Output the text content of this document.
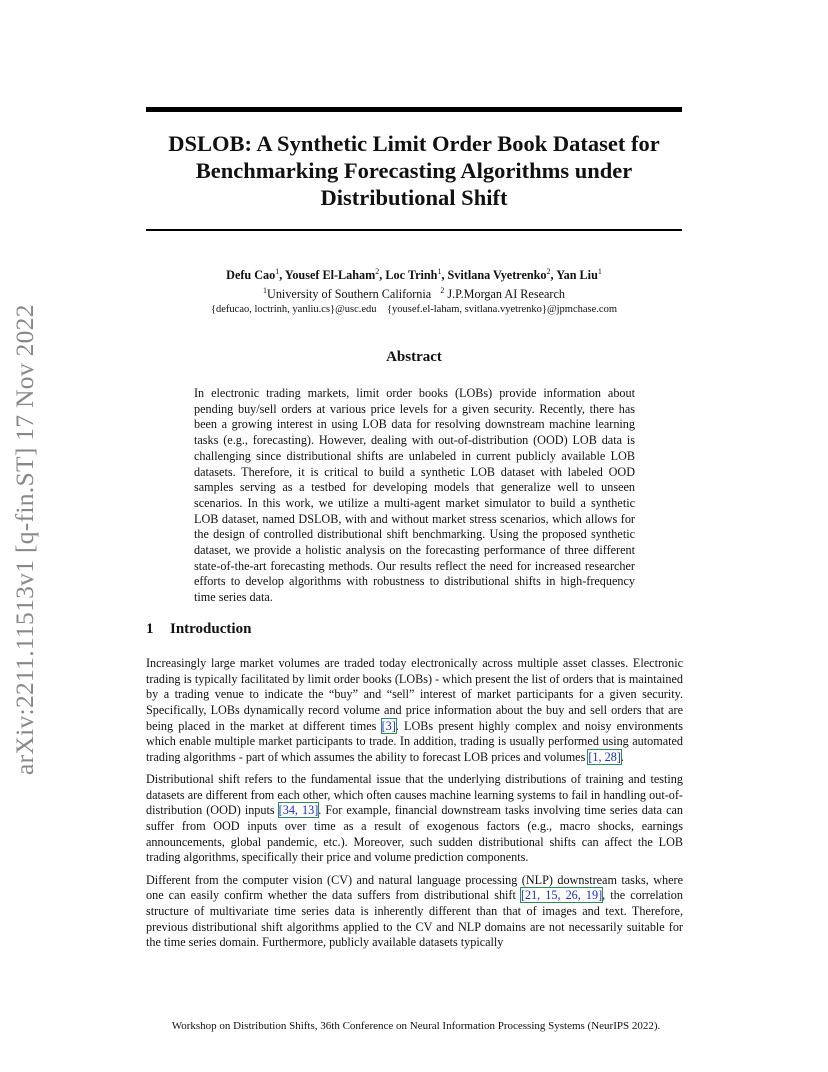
arXiv:2211.11513v1 [q-fin.ST] 17 Nov 2022
DSLOB: A Synthetic Limit Order Book Dataset for Benchmarking Forecasting Algorithms under Distributional Shift
Defu Cao$^1$, Yousef El-Laham$^2$, Loc Trinh$^1$, Svitlana Vyetrenko$^2$, Yan Liu$^1$
$^1$University of Southern California $^2$ J.P.Morgan AI Research
{defucao, loctrinh, yanliu.cs}@usc.edu    {yousef.el-laham, svitlana.vyetrenko}@jpmchase.com
Abstract

In electronic trading markets, limit order books (LOBs) provide information about pending buy/sell orders at various price levels for a given security. Recently, there has been a growing interest in using LOB data for resolving downstream machine learning tasks (e.g., forecasting). However, dealing with out-of-distribution (OOD) LOB data is challenging since distributional shifts are unlabeled in current publicly available LOB datasets. Therefore, it is critical to build a synthetic LOB dataset with labeled OOD samples serving as a testbed for developing models that generalize well to unseen scenarios. In this work, we utilize a multi-agent market simulator to build a synthetic LOB dataset, named DSLOB, with and without market stress scenarios, which allows for the design of controlled distributional shift benchmarking. Using the proposed synthetic dataset, we provide a holistic analysis on the forecasting performance of three different state-of-the-art forecasting methods. Our results reflect the need for increased researcher efforts to develop algorithms with robustness to distributional shifts in high-frequency time series data.

1 Introduction

Increasingly large market volumes are traded today electronically across multiple asset classes. Electronic trading is typically facilitated by limit order books (LOBs) - which present the list of orders that is maintained by a trading venue to indicate the “buy” and “sell” interest of market participants for a given security. Specifically, LOBs dynamically record volume and price information about the buy and sell orders that are being placed in the market at different times [3]. LOBs present highly complex and noisy environments which enable multiple market participants to trade. In addition, trading is usually performed using automated trading algorithms - part of which assumes the ability to forecast LOB prices and volumes [1, 28].

Distributional shift refers to the fundamental issue that the underlying distributions of training and testing datasets are different from each other, which often causes machine learning systems to fail in handling out-of-distribution (OOD) inputs [34, 13]. For example, financial downstream tasks involving time series data can suffer from OOD inputs over time as a result of exogenous factors (e.g., macro shocks, earnings announcements, global pandemic, etc.). Moreover, such sudden distributional shifts can affect the LOB trading algorithms, specifically their price and volume prediction components.

Different from the computer vision (CV) and natural language processing (NLP) downstream tasks, where one can easily confirm whether the data suffers from distributional shift [21, 15, 26, 19], the correlation structure of multivariate time series data is inherently different than that of images and text. Therefore, previous distributional shift algorithms applied to the CV and NLP domains are not necessarily suitable for the time series domain. Furthermore, publicly available datasets typically

Workshop on Distribution Shifts, 36th Conference on Neural Information Processing Systems (NeurIPS 2022).
